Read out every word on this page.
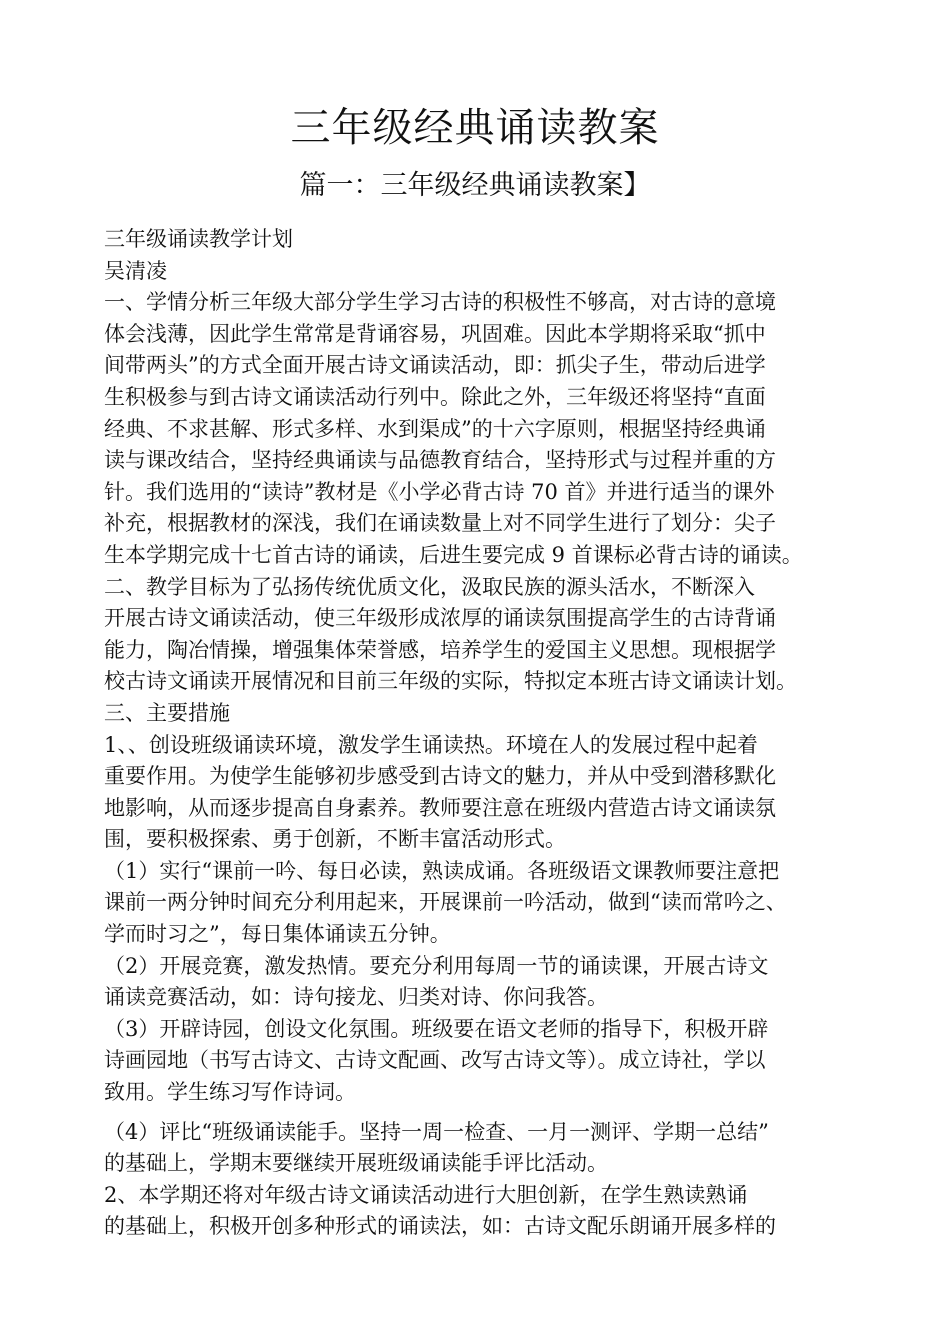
三年级经典诵读教案
篇一：三年级经典诵读教案】
三年级诵读教学计划
吴清凌
一、学情分析三年级大部分学生学习古诗的积极性不够高，对古诗的意境
体会浅薄，因此学生常常是背诵容易，巩固难。因此本学期将采取“抓中
间带两头”的方式全面开展古诗文诵读活动，即：抓尖子生，带动后进学
生积极参与到古诗文诵读活动行列中。除此之外，三年级还将坚持“直面
经典、不求甚解、形式多样、水到渠成”的十六字原则，根据坚持经典诵
读与课改结合，坚持经典诵读与品德教育结合，坚持形式与过程并重的方
针。我们选用的“读诗”教材是《小学必背古诗 70 首》并进行适当的课外
补充，根据教材的深浅，我们在诵读数量上对不同学生进行了划分：尖子
生本学期完成十七首古诗的诵读，后进生要完成 9 首课标必背古诗的诵读。
二、教学目标为了弘扬传统优质文化，汲取民族的源头活水，不断深入
开展古诗文诵读活动，使三年级形成浓厚的诵读氛围提高学生的古诗背诵
能力，陶冶情操，增强集体荣誉感，培养学生的爱国主义思想。现根据学
校古诗文诵读开展情况和目前三年级的实际，特拟定本班古诗文诵读计划。
三、主要措施
1、、创设班级诵读环境，激发学生诵读热。环境在人的发展过程中起着
重要作用。为使学生能够初步感受到古诗文的魅力，并从中受到潜移默化
地影响，从而逐步提高自身素养。教师要注意在班级内营造古诗文诵读氛
围，要积极探索、勇于创新，不断丰富活动形式。
（1）实行“课前一吟、每日必读，熟读成诵。各班级语文课教师要注意把
课前一两分钟时间充分利用起来，开展课前一吟活动，做到“读而常吟之、
学而时习之”，每日集体诵读五分钟。
（2）开展竞赛，激发热情。要充分利用每周一节的诵读课，开展古诗文
诵读竞赛活动，如：诗句接龙、归类对诗、你问我答。
（3）开辟诗园，创设文化氛围。班级要在语文老师的指导下，积极开辟
诗画园地（书写古诗文、古诗文配画、改写古诗文等）。成立诗社，学以
致用。学生练习写作诗词。
（4）评比“班级诵读能手。坚持一周一检查、一月一测评、学期一总结”
的基础上，学期末要继续开展班级诵读能手评比活动。
2、本学期还将对年级古诗文诵读活动进行大胆创新，在学生熟读熟诵
的基础上，积极开创多种形式的诵读法，如：古诗文配乐朗诵开展多样的
